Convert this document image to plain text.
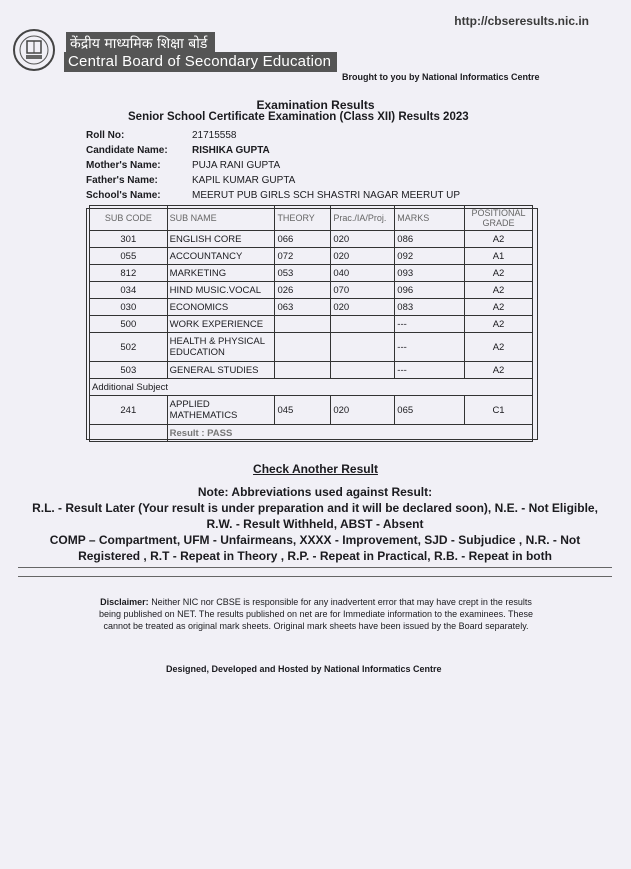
http://cbseresults.nic.in
केंद्रीय माध्यमिक शिक्षा बोर्ड
Central Board of Secondary Education
Brought to you by National Informatics Centre
Examination Results
Senior School Certificate Examination (Class XII) Results 2023
Roll No:	21715558
Candidate Name:	RISHIKA GUPTA
Mother's Name:	PUJA RANI GUPTA
Father's Name:	KAPIL KUMAR GUPTA
School's Name:	MEERUT PUB GIRLS SCH SHASTRI NAGAR MEERUT UP
SUB CODE	SUB NAME	THEORY	Prac./IA/Proj.	MARKS	POSITIONAL GRADE
301	ENGLISH CORE	066	020	086	A2
055	ACCOUNTANCY	072	020	092	A1
812	MARKETING	053	040	093	A2
034	HIND MUSIC.VOCAL	026	070	096	A2
030	ECONOMICS	063	020	083	A2
500	WORK EXPERIENCE			---	A2
502	HEALTH & PHYSICAL EDUCATION			---	A2
503	GENERAL STUDIES			---	A2
Additional Subject					
241	APPLIED MATHEMATICS	045	020	065	C1
	Result : PASS				
Check Another Result
Note: Abbreviations used against Result:
R.L. - Result Later (Your result is under preparation and it will be declared soon), N.E. - Not Eligible, R.W. - Result Withheld, ABST - Absent
COMP – Compartment, UFM - Unfairmeans, XXXX - Improvement, SJD - Subjudice , N.R. - Not Registered , R.T - Repeat in Theory , R.P. - Repeat in Practical, R.B. - Repeat in both
Disclaimer: Neither NIC nor CBSE is responsible for any inadvertent error that may have crept in the results being published on NET. The results published on net are for Immediate information to the examinees. These cannot be treated as original mark sheets. Original mark sheets have been issued by the Board separately.
Designed, Developed and Hosted by National Informatics Centre
